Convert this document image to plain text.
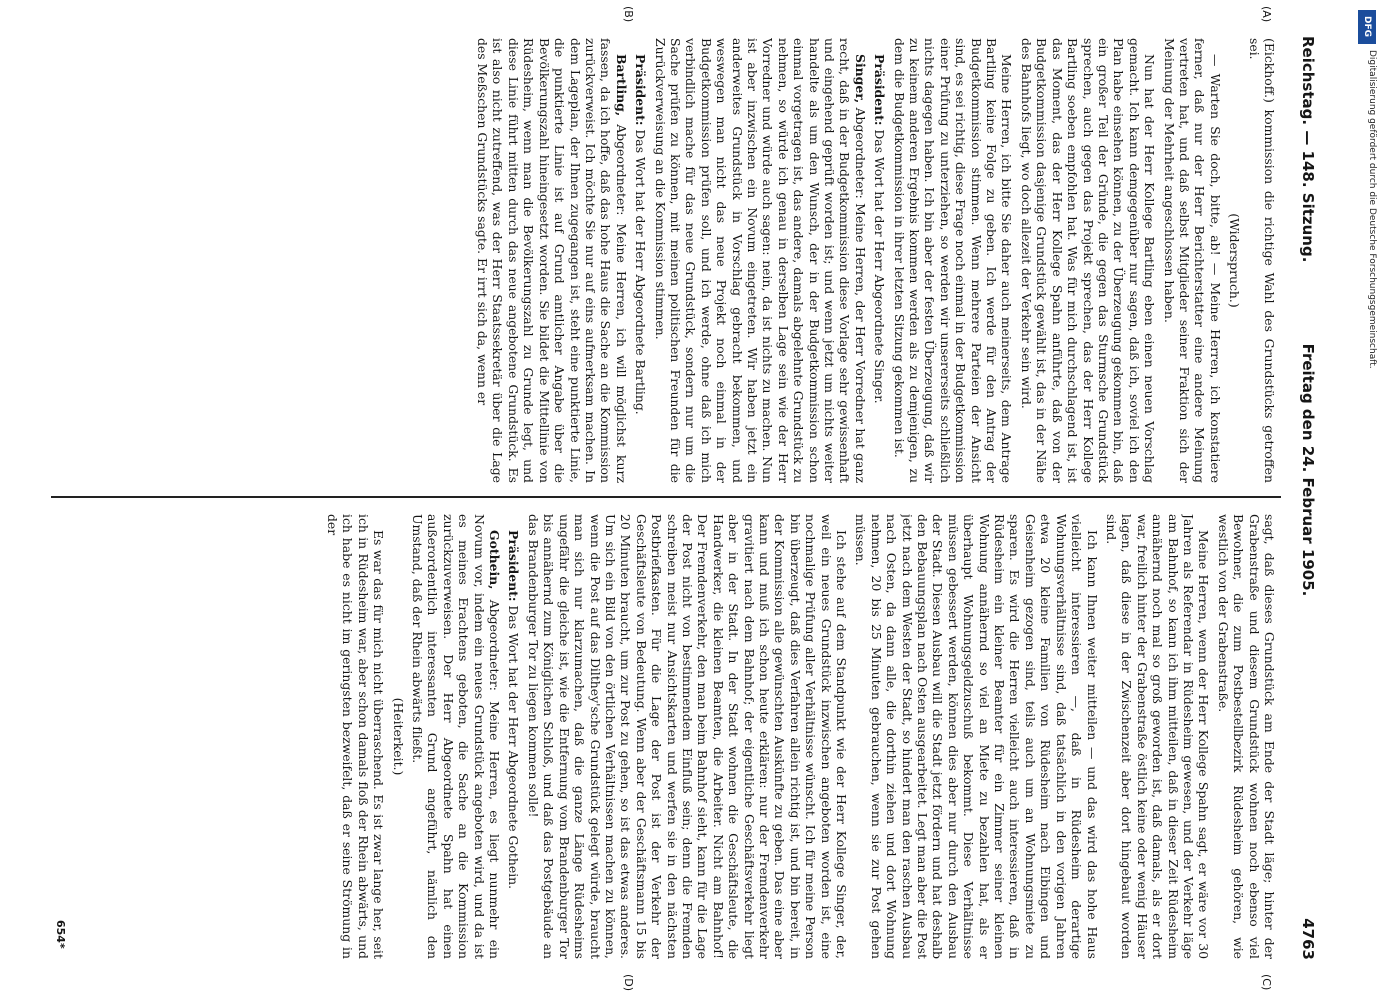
Reichstag. — 148. Sitzung.
Freitag den 24. Februar 1905.
4763

(Eickhoff.) kommission die richtige Wahl des Grundstücks getroffen sei.

(Widerspruch.)

— Warten Sie doch, bitte, ab! — Meine Herren, ich konstatiere ferner, daß nur der Herr Berichterstatter eine andere Meinung vertreten hat, und daß selbst Mitglieder seiner Fraktion sich der Meinung der Mehrheit angeschlossen haben.

Nun hat der Herr Kollege Bartling eben einen neuen Vorschlag gemacht. Ich kann demgegenüber nur sagen, daß ich, soviel ich den Plan habe einsehen können, zu der Überzeugung gekommen bin, daß ein großer Teil der Gründe, die gegen das Sturmsche Grundstück sprechen, auch gegen das Projekt sprechen, das der Herr Kollege Bartling soeben empfohlen hat. Was für mich durchschlagend ist, ist das Moment, das der Herr Kollege Spahn anführte, daß von der Budgetkommission dasjenige Grundstück gewählt ist, das in der Nähe des Bahnhofs liegt, wo doch allezeit der Verkehr sein wird.

Meine Herren, ich bitte Sie daher auch meinerseits, dem Antrage Bartling keine Folge zu geben. Ich werde für den Antrag der Budgetkommission stimmen. Wenn mehrere Parteien der Ansicht sind, es sei richtig, diese Frage noch einmal in der Budgetkommission einer Prüfung zu unterziehen, so werden wir unsererseits schließlich nichts dagegen haben. Ich bin aber der festen Überzeugung, daß wir zu keinem anderen Ergebnis kommen werden als zu demjenigen, zu dem die Budgetkommission in ihrer letzten Sitzung gekommen ist.

Präsident: Das Wort hat der Herr Abgeordnete Singer.

Singer, Abgeordneter: Meine Herren, der Herr Vorredner hat ganz recht, daß in der Budgetkommission diese Vorlage sehr gewissenhaft und eingehend geprüft worden ist; und wenn jetzt um nichts weiter handelte als um den Wunsch, der in der Budgetkommission schon einmal vorgetragen ist, das andere, damals abgelehnte Grundstück zu nehmen, so würde ich genau in derselben Lage sein wie der Herr Vorredner und würde auch sagen: nein, da ist nichts zu machen. Nun ist aber inzwischen ein Novum eingetreten. Wir haben jetzt ein anderweites Grundstück in Vorschlag gebracht bekommen, und weswegen man nicht das neue Projekt noch einmal in der Budgetkommission prüfen soll, und ich werde, ohne daß ich mich verbindlich mache für das neue Grundstück, sondern nur um die Sache prüfen zu können, mit meinen politischen Freunden für die Zurückverweisung an die Kommission stimmen.

Präsident: Das Wort hat der Herr Abgeordnete Bartling.

Bartling, Abgeordneter: Meine Herren, ich will möglichst kurz fassen, da ich hoffe, daß das hohe Haus die Sache an die Kommission zurückverweist. Ich möchte Sie nur auf eins aufmerksam machen. In dem Lageplan, der Ihnen zugegangen ist, steht eine punktierte Linie, die punktierte Linie ist auf Grund amtlicher Angabe über die Bevölkerungszahl hineingesetzt worden. Sie bildet die Mittellinie von Rüdesheim, wenn man die Bevölkerungszahl zu Grunde legt, und diese Linie führt mitten durch das neue angebotene Grundstück. Es ist also nicht zutreffend, was der Herr Staatssekretär über die Lage des Meßschen Grundstücks sagte. Er irrt sich da, wenn er

sagt, daß dieses Grundstück am Ende der Stadt läge; hinter der Grabenstraße und diesem Grundstück wohnen noch ebenso viel Bewohner, die zum Postbestellbezirk Rüdesheim gehören, wie westlich von der Grabenstraße.

Meine Herren, wenn der Herr Kollege Spahn sagt, er wäre vor 30 Jahren als Referendar in Rüdesheim gewesen, und der Verkehr läge am Bahnhof, so kann ich ihm mitteilen, daß in dieser Zeit Rüdesheim annähernd noch mal so groß geworden ist, daß damals, als er dort war, freilich hinter der Grabenstraße östlich keine oder wenig Häuser lagen, daß diese in der Zwischenzeit aber dort hingebaut worden sind.

Ich kann Ihnen weiter mitteilen — und das wird das hohe Haus vielleicht interessieren —, daß in Rüdesheim derartige Wohnungsverhältnisse sind, daß tatsächlich in den vorigen Jahren etwa 20 kleine Familien von Rüdesheim nach Eibingen und Geisenheim gezogen sind, teils auch um an Wohnungsmiete zu sparen. Es wird die Herren vielleicht auch interessieren, daß in Rüdesheim ein kleiner Beamter für ein Zimmer seiner kleinen Wohnung annähernd so viel an Miete zu bezahlen hat, als er überhaupt Wohnungsgeldzuschuß bekommt. Diese Verhältnisse müssen gebessert werden, können dies aber nur durch den Ausbau der Stadt. Diesen Ausbau will die Stadt jetzt fördern und hat deshalb den Bebauungsplan nach Osten ausgearbeitet. Legt man aber die Post jetzt nach dem Westen der Stadt, so hindert man den raschen Ausbau nach Osten, da dann alle, die dorthin ziehen und dort Wohnung nehmen, 20 bis 25 Minuten gebrauchen, wenn sie zur Post gehen müssen.

Ich stehe auf dem Standpunkt wie der Herr Kollege Singer, der, weil ein neues Grundstück inzwischen angeboten worden ist, eine nochmalige Prüfung aller Verhältnisse wünscht. Ich für meine Person bin überzeugt, daß dies Verfahren allein richtig ist, und bin bereit, in der Kommission alle gewünschten Auskünfte zu geben. Das eine aber kann und muß ich schon heute erklären: nur der Fremdenverkehr gravitiert nach dem Bahnhof; der eigentliche Geschäftsverkehr liegt aber in der Stadt. In der Stadt wohnen die Geschäftsleute, die Handwerker, die kleinen Beamten, die Arbeiter. Nicht am Bahnhof! Der Fremdenverkehr, den man beim Bahnhof sieht, kann für die Lage der Post nicht von bestimmendem Einfluß sein; denn die Fremden schreiben meist nur Ansichtskarten und werfen sie in den nächsten Postbriefkasten. Für die Lage der Post ist der Verkehr der Geschäftsleute von Bedeutung. Wenn aber der Geschäftsmann 15 bis 20 Minuten braucht, um zur Post zu gehen, so ist das etwas anderes. Um sich ein Bild von den örtlichen Verhältnissen machen zu können, wenn die Post auf das Dilthey'sche Grundstück gelegt würde, braucht man sich nur klarzumachen, daß die ganze Länge Rüdesheims ungefähr die gleiche ist, wie die Entfernung vom Brandenburger Tor bis annähernd zum Königlichen Schloß, und daß das Postgebäude an das Brandenburger Tor zu liegen kommen solle!

Präsident: Das Wort hat der Herr Abgeordnete Gothein.

Gothein, Abgeordneter: Meine Herren, es liegt nunmehr ein Novum vor, indem ein neues Grundstück angeboten wird, und da ist es meines Erachtens geboten, die Sache an die Kommission zurückzuverweisen. Der Herr Abgeordnete Spahn hat einen außerordentlich interessanten Grund angeführt, nämlich den Umstand, daß der Rhein abwärts fließt.

(Heiterkeit.)

Es war das für mich nicht überraschend. Es ist zwar lange her, seit ich in Rüdesheim war, aber schon damals floß der Rhein abwärts, und ich habe es nicht im geringsten bezweifelt, daß er seine Strömung in der

(A)
(B)
(C)
(D)
654*
DFG
Digitalisierung gefördert durch die Deutsche Forschungsgemeinschaft.
